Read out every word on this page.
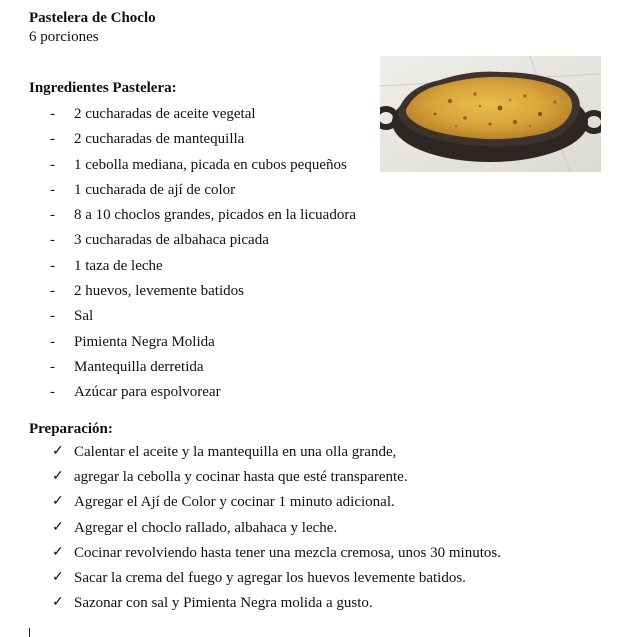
Pastelera de Choclo
6 porciones
Ingredientes Pastelera:
-	2 cucharadas de aceite vegetal
-	2 cucharadas de mantequilla
-	1 cebolla mediana, picada en cubos pequeños
-	1 cucharada de ají de color
-	8 a 10 choclos grandes, picados en la licuadora
-	3 cucharadas de albahaca picada
-	1 taza de leche
-	2 huevos, levemente batidos
-	Sal
-	Pimienta Negra Molida
-	Mantequilla derretida
-	Azúcar para espolvorear
Preparación:
✓ Calentar el aceite y la mantequilla en una olla grande,
✓ agregar la cebolla y cocinar hasta que esté transparente.
✓ Agregar el Ají de Color y cocinar 1 minuto adicional.
✓ Agregar el choclo rallado, albahaca y leche.
✓ Cocinar revolviendo hasta tener una mezcla cremosa, unos 30 minutos.
✓ Sacar la crema del fuego y agregar los huevos levemente batidos.
✓ Sazonar con sal y Pimienta Negra molida a gusto.
